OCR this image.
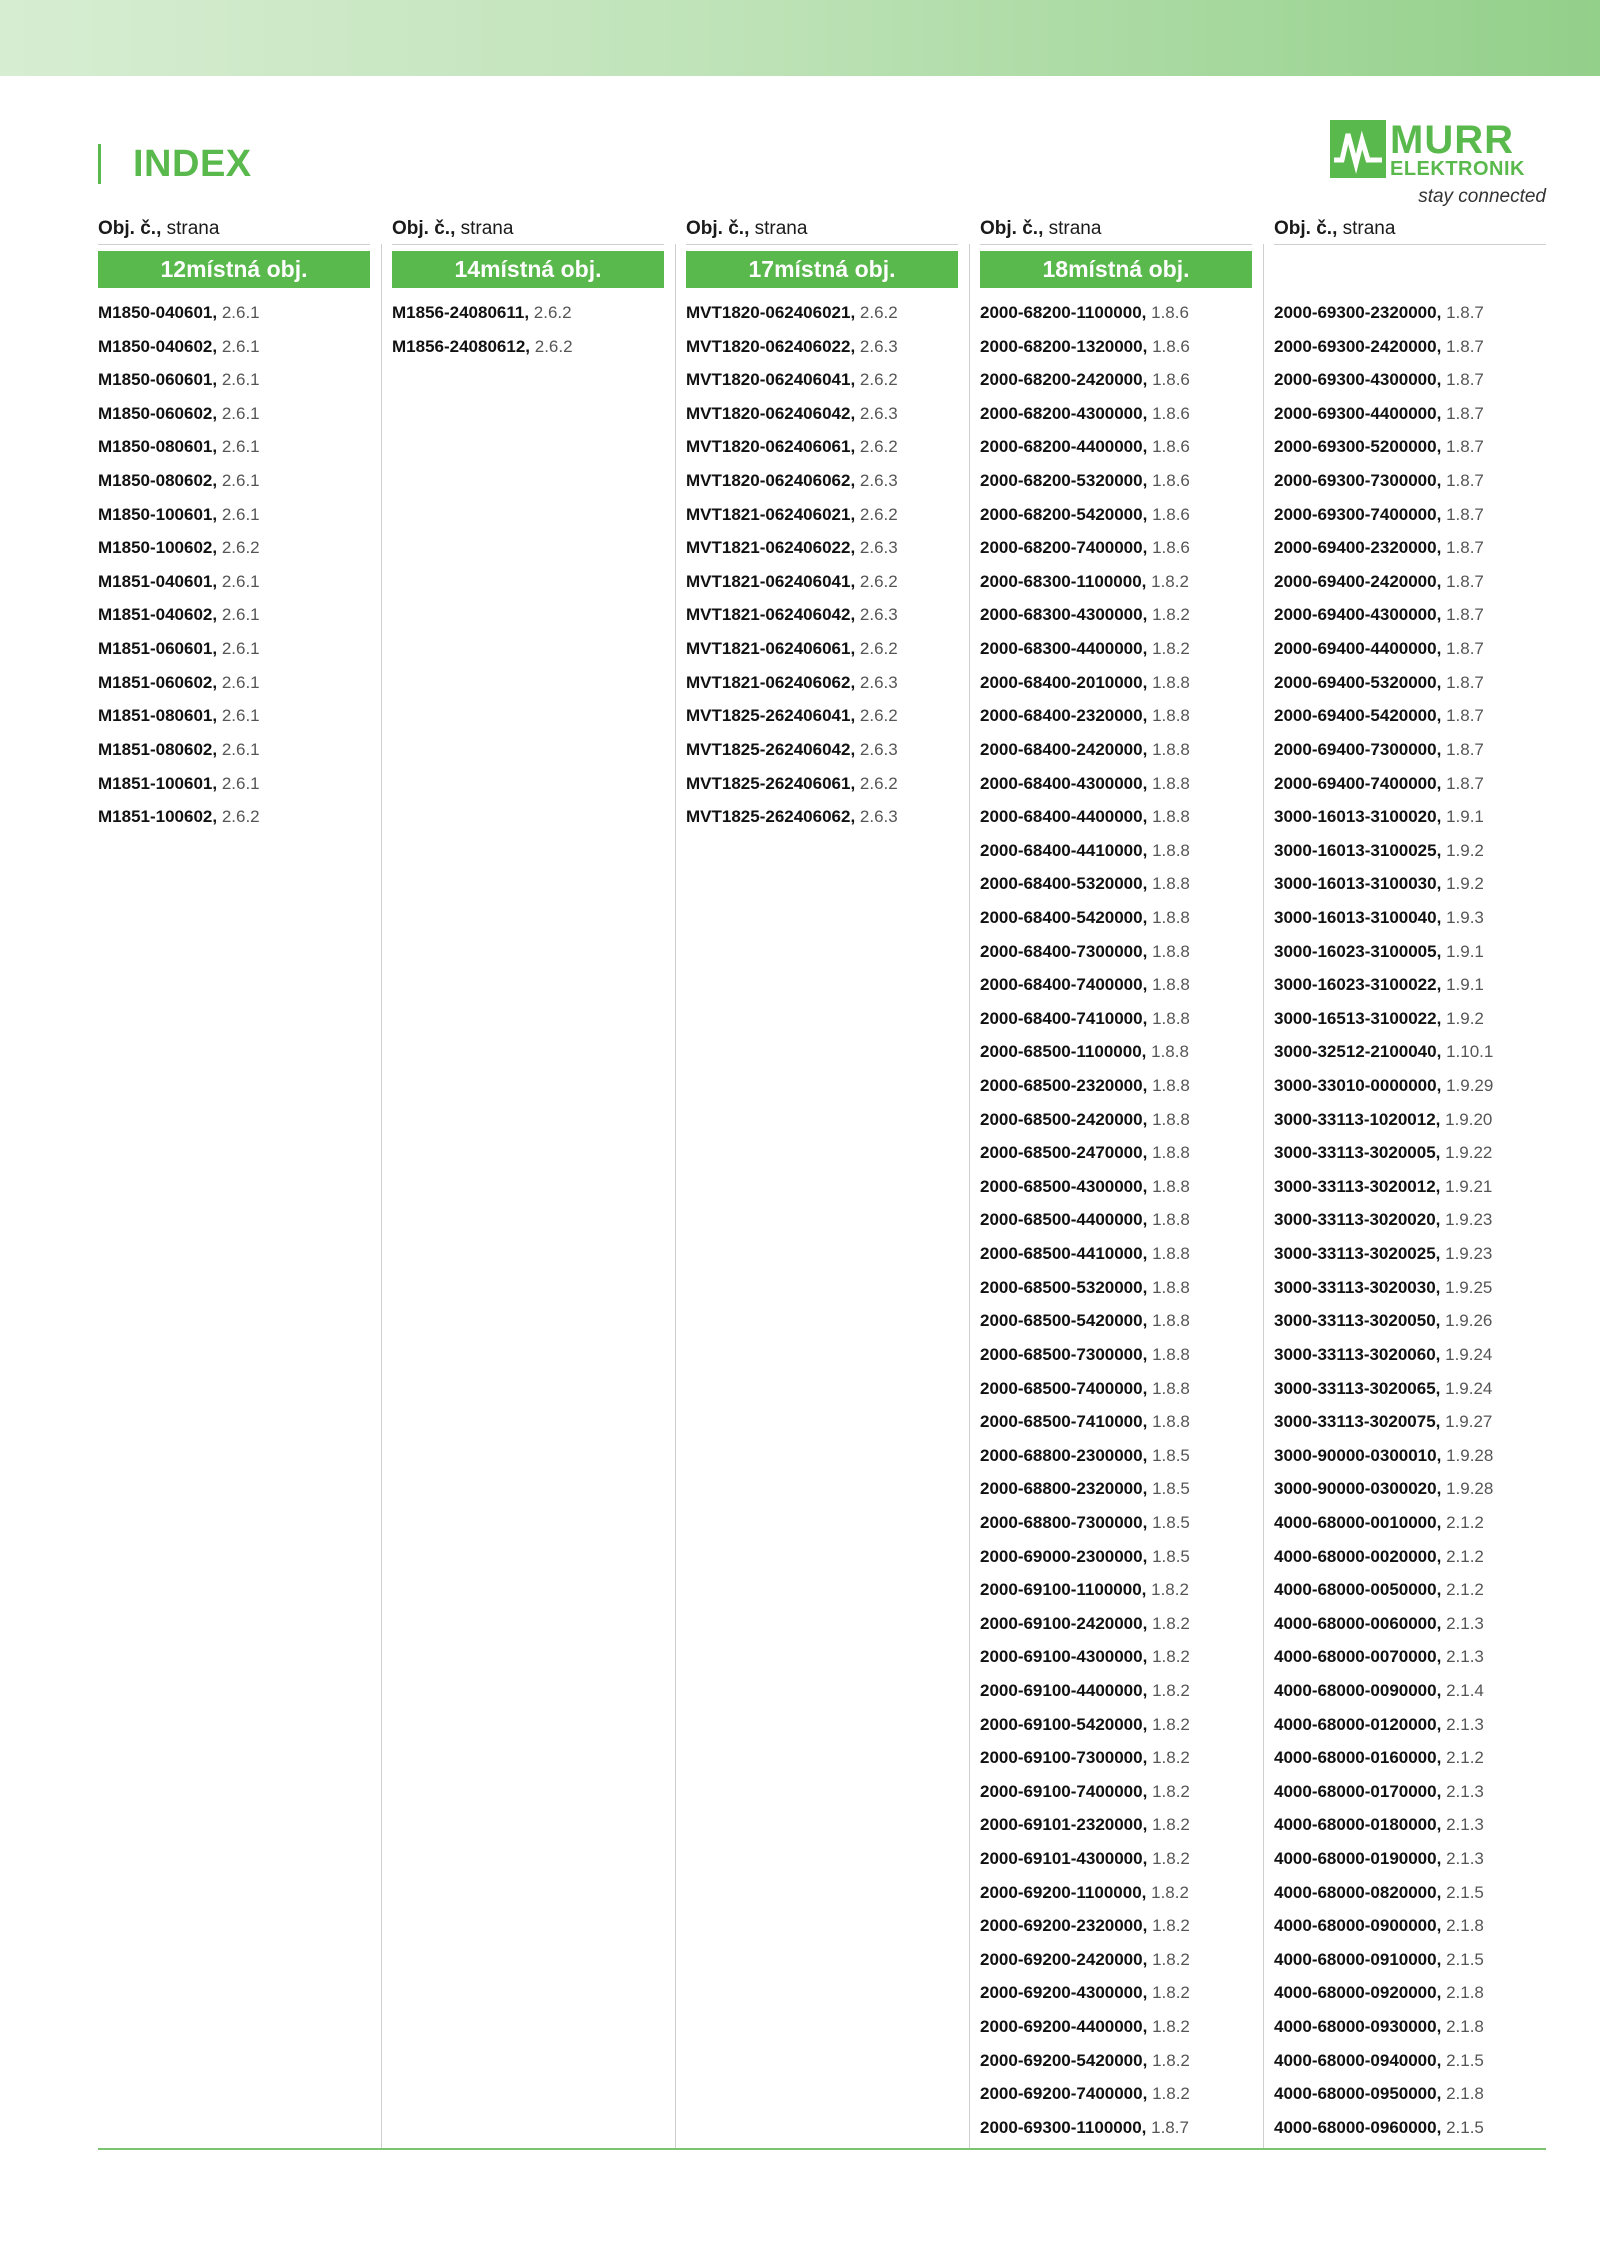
INDEX
MURR
ELEKTRONIK
stay connected
Obj. č., strana
12místná obj.
M1850-040601, 2.6.1
M1850-040602, 2.6.1
M1850-060601, 2.6.1
M1850-060602, 2.6.1
M1850-080601, 2.6.1
M1850-080602, 2.6.1
M1850-100601, 2.6.1
M1850-100602, 2.6.2
M1851-040601, 2.6.1
M1851-040602, 2.6.1
M1851-060601, 2.6.1
M1851-060602, 2.6.1
M1851-080601, 2.6.1
M1851-080602, 2.6.1
M1851-100601, 2.6.1
M1851-100602, 2.6.2
Obj. č., strana
14místná obj.
M1856-24080611, 2.6.2
M1856-24080612, 2.6.2
Obj. č., strana
17místná obj.
MVT1820-062406021, 2.6.2
MVT1820-062406022, 2.6.3
MVT1820-062406041, 2.6.2
MVT1820-062406042, 2.6.3
MVT1820-062406061, 2.6.2
MVT1820-062406062, 2.6.3
MVT1821-062406021, 2.6.2
MVT1821-062406022, 2.6.3
MVT1821-062406041, 2.6.2
MVT1821-062406042, 2.6.3
MVT1821-062406061, 2.6.2
MVT1821-062406062, 2.6.3
MVT1825-262406041, 2.6.2
MVT1825-262406042, 2.6.3
MVT1825-262406061, 2.6.2
MVT1825-262406062, 2.6.3
Obj. č., strana
18místná obj.
2000-68200-1100000, 1.8.6
2000-68200-1320000, 1.8.6
2000-68200-2420000, 1.8.6
2000-68200-4300000, 1.8.6
2000-68200-4400000, 1.8.6
2000-68200-5320000, 1.8.6
2000-68200-5420000, 1.8.6
2000-68200-7400000, 1.8.6
2000-68300-1100000, 1.8.2
2000-68300-4300000, 1.8.2
2000-68300-4400000, 1.8.2
2000-68400-2010000, 1.8.8
2000-68400-2320000, 1.8.8
2000-68400-2420000, 1.8.8
2000-68400-4300000, 1.8.8
2000-68400-4400000, 1.8.8
2000-68400-4410000, 1.8.8
2000-68400-5320000, 1.8.8
2000-68400-5420000, 1.8.8
2000-68400-7300000, 1.8.8
2000-68400-7400000, 1.8.8
2000-68400-7410000, 1.8.8
2000-68500-1100000, 1.8.8
2000-68500-2320000, 1.8.8
2000-68500-2420000, 1.8.8
2000-68500-2470000, 1.8.8
2000-68500-4300000, 1.8.8
2000-68500-4400000, 1.8.8
2000-68500-4410000, 1.8.8
2000-68500-5320000, 1.8.8
2000-68500-5420000, 1.8.8
2000-68500-7300000, 1.8.8
2000-68500-7400000, 1.8.8
2000-68500-7410000, 1.8.8
2000-68800-2300000, 1.8.5
2000-68800-2320000, 1.8.5
2000-68800-7300000, 1.8.5
2000-69000-2300000, 1.8.5
2000-69100-1100000, 1.8.2
2000-69100-2420000, 1.8.2
2000-69100-4300000, 1.8.2
2000-69100-4400000, 1.8.2
2000-69100-5420000, 1.8.2
2000-69100-7300000, 1.8.2
2000-69100-7400000, 1.8.2
2000-69101-2320000, 1.8.2
2000-69101-4300000, 1.8.2
2000-69200-1100000, 1.8.2
2000-69200-2320000, 1.8.2
2000-69200-2420000, 1.8.2
2000-69200-4300000, 1.8.2
2000-69200-4400000, 1.8.2
2000-69200-5420000, 1.8.2
2000-69200-7400000, 1.8.2
2000-69300-1100000, 1.8.7
Obj. č., strana
2000-69300-2320000, 1.8.7
2000-69300-2420000, 1.8.7
2000-69300-4300000, 1.8.7
2000-69300-4400000, 1.8.7
2000-69300-5200000, 1.8.7
2000-69300-7300000, 1.8.7
2000-69300-7400000, 1.8.7
2000-69400-2320000, 1.8.7
2000-69400-2420000, 1.8.7
2000-69400-4300000, 1.8.7
2000-69400-4400000, 1.8.7
2000-69400-5320000, 1.8.7
2000-69400-5420000, 1.8.7
2000-69400-7300000, 1.8.7
2000-69400-7400000, 1.8.7
3000-16013-3100020, 1.9.1
3000-16013-3100025, 1.9.2
3000-16013-3100030, 1.9.2
3000-16013-3100040, 1.9.3
3000-16023-3100005, 1.9.1
3000-16023-3100022, 1.9.1
3000-16513-3100022, 1.9.2
3000-32512-2100040, 1.10.1
3000-33010-0000000, 1.9.29
3000-33113-1020012, 1.9.20
3000-33113-3020005, 1.9.22
3000-33113-3020012, 1.9.21
3000-33113-3020020, 1.9.23
3000-33113-3020025, 1.9.23
3000-33113-3020030, 1.9.25
3000-33113-3020050, 1.9.26
3000-33113-3020060, 1.9.24
3000-33113-3020065, 1.9.24
3000-33113-3020075, 1.9.27
3000-90000-0300010, 1.9.28
3000-90000-0300020, 1.9.28
4000-68000-0010000, 2.1.2
4000-68000-0020000, 2.1.2
4000-68000-0050000, 2.1.2
4000-68000-0060000, 2.1.3
4000-68000-0070000, 2.1.3
4000-68000-0090000, 2.1.4
4000-68000-0120000, 2.1.3
4000-68000-0160000, 2.1.2
4000-68000-0170000, 2.1.3
4000-68000-0180000, 2.1.3
4000-68000-0190000, 2.1.3
4000-68000-0820000, 2.1.5
4000-68000-0900000, 2.1.8
4000-68000-0910000, 2.1.5
4000-68000-0920000, 2.1.8
4000-68000-0930000, 2.1.8
4000-68000-0940000, 2.1.5
4000-68000-0950000, 2.1.8
4000-68000-0960000, 2.1.5
